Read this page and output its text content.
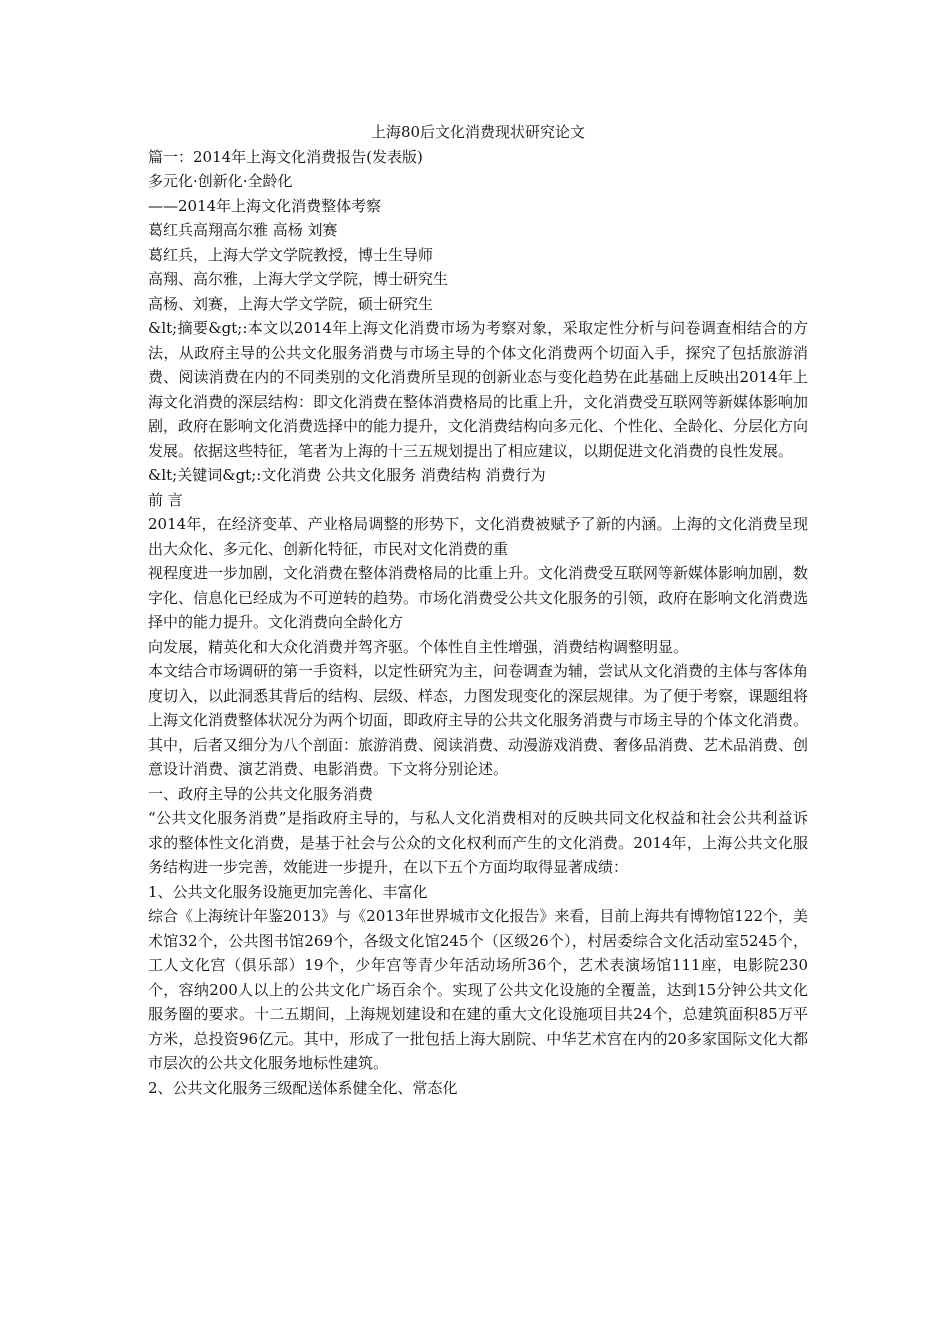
上海80后文化消费现状研究论文

篇一：2014年上海文化消费报告(发表版)

多元化·创新化·全龄化

——2014年上海文化消费整体考察

葛红兵高翔高尔雅 高杨 刘赛

葛红兵，上海大学文学院教授，博士生导师

高翔、高尔雅，上海大学文学院，博士研究生

高杨、刘赛，上海大学文学院，硕士研究生

&lt;摘要&gt;:本文以2014年上海文化消费市场为考察对象，采取定性分析与问卷调查相结合的方法，从政府主导的公共文化服务消费与市场主导的个体文化消费两个切面入手，探究了包括旅游消费、阅读消费在内的不同类别的文化消费所呈现的创新业态与变化趋势在此基础上反映出2014年上海文化消费的深层结构：即文化消费在整体消费格局的比重上升，文化消费受互联网等新媒体影响加剧，政府在影响文化消费选择中的能力提升，文化消费结构向多元化、个性化、全龄化、分层化方向发展。依据这些特征，笔者为上海的十三五规划提出了相应建议，以期促进文化消费的良性发展。

&lt;关键词&gt;:文化消费 公共文化服务 消费结构 消费行为

前 言

2014年，在经济变革、产业格局调整的形势下，文化消费被赋予了新的内涵。上海的文化消费呈现出大众化、多元化、创新化特征，市民对文化消费的重

视程度进一步加剧，文化消费在整体消费格局的比重上升。文化消费受互联网等新媒体影响加剧，数字化、信息化已经成为不可逆转的趋势。市场化消费受公共文化服务的引领，政府在影响文化消费选择中的能力提升。文化消费向全龄化方

向发展，精英化和大众化消费并驾齐驱。个体性自主性增强，消费结构调整明显。

本文结合市场调研的第一手资料，以定性研究为主，问卷调查为辅，尝试从文化消费的主体与客体角度切入，以此洞悉其背后的结构、层级、样态，力图发现变化的深层规律。为了便于考察，课题组将上海文化消费整体状况分为两个切面，即政府主导的公共文化服务消费与市场主导的个体文化消费。其中，后者又细分为八个剖面：旅游消费、阅读消费、动漫游戏消费、奢侈品消费、艺术品消费、创意设计消费、演艺消费、电影消费。下文将分别论述。

一、政府主导的公共文化服务消费

“公共文化服务消费”是指政府主导的，与私人文化消费相对的反映共同文化权益和社会公共利益诉求的整体性文化消费，是基于社会与公众的文化权利而产生的文化消费。2014年，上海公共文化服务结构进一步完善，效能进一步提升，在以下五个方面均取得显著成绩：

1、公共文化服务设施更加完善化、丰富化

综合《上海统计年鉴2013》与《2013年世界城市文化报告》来看，目前上海共有博物馆122个，美术馆32个，公共图书馆269个，各级文化馆245个（区级26个），村居委综合文化活动室5245个，工人文化宫（俱乐部）19个，少年宫等青少年活动场所36个，艺术表演场馆111座，电影院230个，容纳200人以上的公共文化广场百余个。实现了公共文化设施的全覆盖，达到15分钟公共文化服务圈的要求。十二五期间，上海规划建设和在建的重大文化设施项目共24个，总建筑面积85万平方米，总投资96亿元。其中，形成了一批包括上海大剧院、中华艺术宫在内的20多家国际文化大都市层次的公共文化服务地标性建筑。

2、公共文化服务三级配送体系健全化、常态化
